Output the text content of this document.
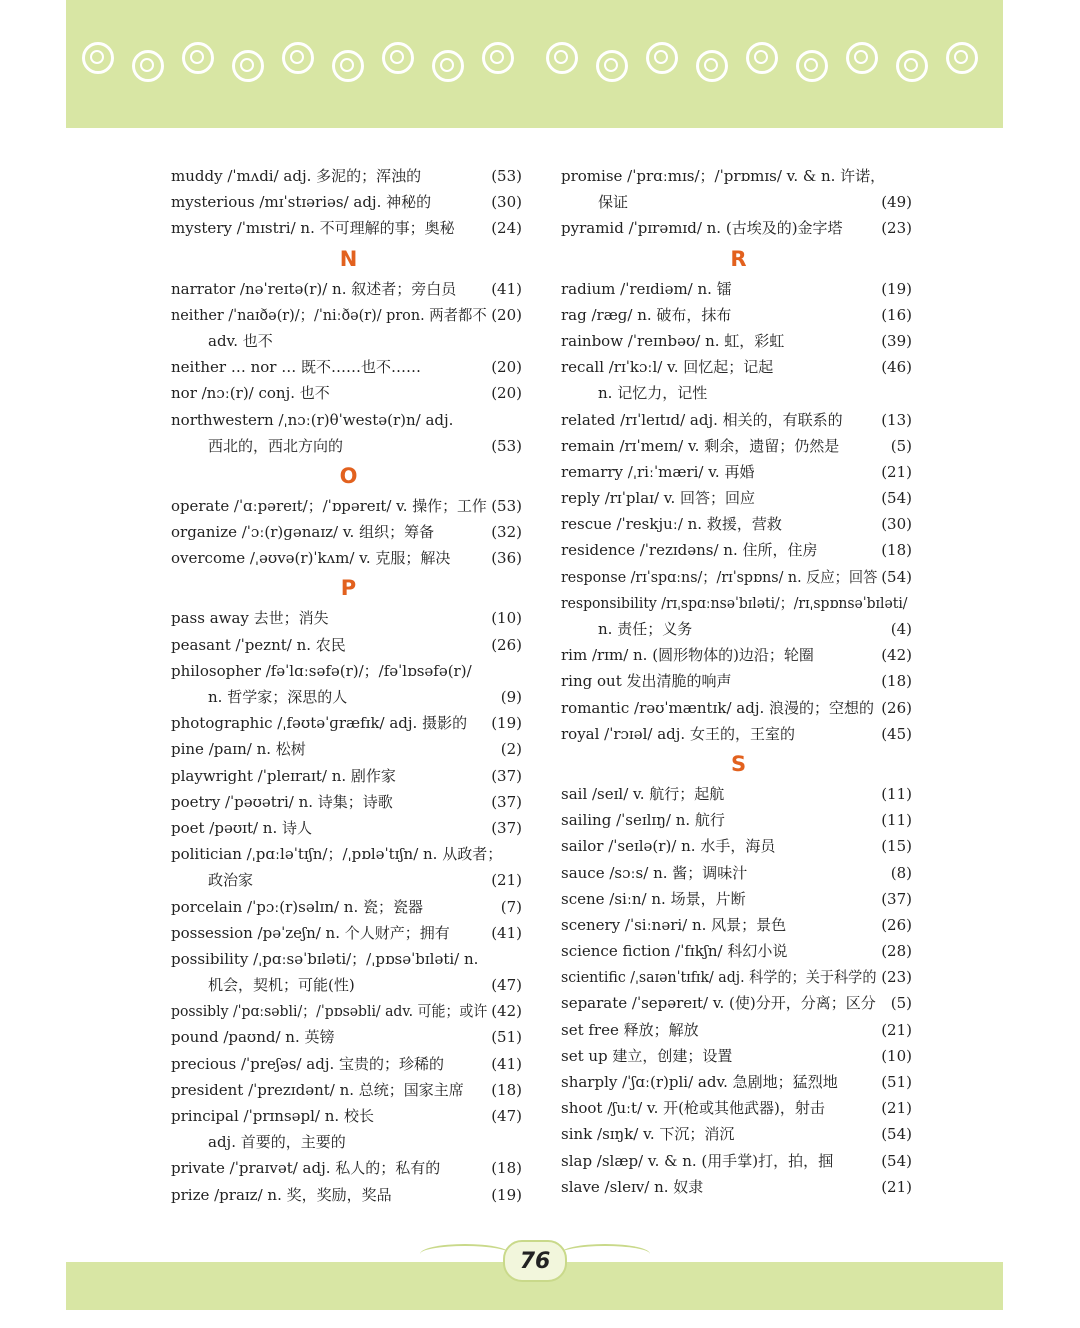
muddy /ˈmʌdi/ adj. 多泥的；浑浊的	(53)
mysterious /mɪˈstɪəriəs/ adj. 神秘的	(30)
mystery /ˈmɪstri/ n. 不可理解的事；奥秘 (24)
N
narrator /nəˈreɪtə(r)/ n. 叙述者；旁白员 (41)
neither /ˈnaɪðə(r)/；/ˈniːðə(r)/ pron. 两者都不 (20)
adv. 也不
neither … nor … 既不……也不……	(20)
nor /nɔː(r)/ conj. 也不	(20)
northwestern /ˌnɔː(r)θˈwestə(r)n/ adj.
西北的，西北方向的	(53)
O
operate /ˈɑːpəreɪt/；/ˈɒpəreɪt/ v. 操作；工作 (53)
organize /ˈɔː(r)ɡənaɪz/ v. 组织；筹备	(32)
overcome /ˌəʊvə(r)ˈkʌm/ v. 克服；解决	(36)
P
pass away 去世；消失	(10)
peasant /ˈpeznt/ n. 农民	(26)
philosopher /fəˈlɑːsəfə(r)/；/fəˈlɒsəfə(r)/
n. 哲学家；深思的人	(9)
photographic /ˌfəʊtəˈɡræfɪk/ adj. 摄影的 (19)
pine /paɪn/ n. 松树	(2)
playwright /ˈpleɪraɪt/ n. 剧作家	(37)
poetry /ˈpəʊətri/ n. 诗集；诗歌	(37)
poet /pəʊɪt/ n. 诗人	(37)
politician /ˌpɑːləˈtɪʃn/；/ˌpɒləˈtɪʃn/ n. 从政者；
政治家	(21)
porcelain /ˈpɔː(r)səlɪn/ n. 瓷；瓷器	(7)
possession /pəˈzeʃn/ n. 个人财产；拥有	(41)
possibility /ˌpɑːsəˈbɪləti/；/ˌpɒsəˈbɪləti/ n.
机会，契机；可能(性)	(47)
possibly /ˈpɑːsəbli/；/ˈpɒsəbli/ adv. 可能；或许 (42)
pound /paʊnd/ n. 英镑	(51)
precious /ˈpreʃəs/ adj. 宝贵的；珍稀的	(41)
president /ˈprezɪdənt/ n. 总统；国家主席 (18)
principal /ˈprɪnsəpl/ n. 校长	(47)
adj. 首要的，主要的
private /ˈpraɪvət/ adj. 私人的；私有的	(18)
prize /praɪz/ n. 奖，奖励，奖品	(19)
promise /ˈprɑːmɪs/；/ˈprɒmɪs/ v. & n. 许诺，
保证	(49)
pyramid /ˈpɪrəmɪd/ n. (古埃及的)金字塔	(23)
R
radium /ˈreɪdiəm/ n. 镭	(19)
rag /ræɡ/ n. 破布，抹布	(16)
rainbow /ˈreɪnbəʊ/ n. 虹，彩虹	(39)
recall /rɪˈkɔːl/ v. 回忆起；记起	(46)
n. 记忆力，记性
related /rɪˈleɪtɪd/ adj. 相关的，有联系的	(13)
remain /rɪˈmeɪn/ v. 剩余，遗留；仍然是	(5)
remarry /ˌriːˈmæri/ v. 再婚	(21)
reply /rɪˈplaɪ/ v. 回答；回应	(54)
rescue /ˈreskjuː/ n. 救援，营救	(30)
residence /ˈrezɪdəns/ n. 住所，住房	(18)
response /rɪˈspɑːns/；/rɪˈspɒns/ n. 反应；回答 (54)
responsibility /rɪˌspɑːnsəˈbɪləti/；/rɪˌspɒnsəˈbɪləti/
n. 责任；义务	(4)
rim /rɪm/ n. (圆形物体的)边沿；轮圈	(42)
ring out 发出清脆的响声	(18)
romantic /rəʊˈmæntɪk/ adj. 浪漫的；空想的 (26)
royal /ˈrɔɪəl/ adj. 女王的，王室的	(45)
S
sail /seɪl/ v. 航行；起航	(11)
sailing /ˈseɪlɪŋ/ n. 航行	(11)
sailor /ˈseɪlə(r)/ n. 水手，海员	(15)
sauce /sɔːs/ n. 酱；调味汁	(8)
scene /siːn/ n. 场景，片断	(37)
scenery /ˈsiːnəri/ n. 风景；景色	(26)
science fiction /ˈfɪkʃn/ 科幻小说	(28)
scientific /ˌsaɪənˈtɪfɪk/ adj. 科学的；关于科学的 (23)
separate /ˈsepəreɪt/ v. (使)分开，分离；区分 (5)
set free 释放；解放	(21)
set up 建立，创建；设置	(10)
sharply /ˈʃɑː(r)pli/ adv. 急剧地；猛烈地	(51)
shoot /ʃuːt/ v. 开(枪或其他武器)，射击	(21)
sink /sɪŋk/ v. 下沉；消沉	(54)
slap /slæp/ v. & n. (用手掌)打，拍，掴	(54)
slave /sleɪv/ n. 奴隶	(21)
76
